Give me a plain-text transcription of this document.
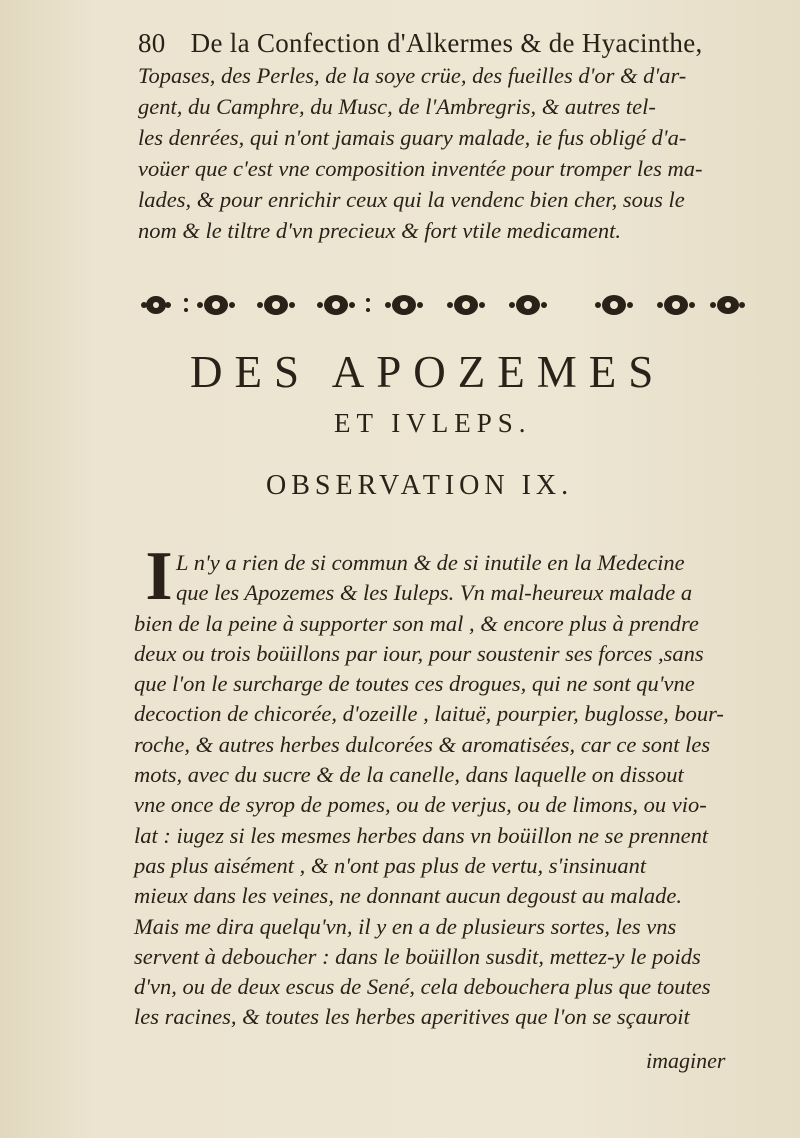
80 De la Confection d'Alkermes & de Hyacinthe,
Topases, des Perles, de la soye crüe, des fueilles d'or & d'ar-
gent, du Camphre, du Musc, de l'Ambregris, & autres tel-
les denrées, qui n'ont jamais guary malade, ie fus obligé d'a-
voüer que c'est vne composition inventée pour tromper les ma-
lades, & pour enrichir ceux qui la vendenc bien cher, sous le
nom & le tiltre d'vn precieux & fort vtile medicament.
DES APOZEMES
ET IVLEPS.
OBSERVATION IX.
I L n'y a rien de si commun & de si inutile en la Medecine
que les Apozemes & les Iuleps. Vn mal-heureux malade a
bien de la peine à supporter son mal , & encore plus à prendre
deux ou trois boüillons par iour, pour soustenir ses forces ,sans
que l'on le surcharge de toutes ces drogues, qui ne sont qu'vne
decoction de chicorée, d'ozeille , laituë, pourpier, buglosse, bour-
roche, & autres herbes dulcorées & aromatisées, car ce sont les
mots, avec du sucre & de la canelle, dans laquelle on dissout
vne once de syrop de pomes, ou de verjus, ou de limons, ou vio-
lat : iugez si les mesmes herbes dans vn boüillon ne se prennent
pas plus aisément , & n'ont pas plus de vertu, s'insinuant
mieux dans les veines, ne donnant aucun degoust au malade.
Mais me dira quelqu'vn, il y en a de plusieurs sortes, les vns
servent à deboucher : dans le boüillon susdit, mettez-y le poids
d'vn, ou de deux escus de Sené, cela debouchera plus que toutes
les racines, & toutes les herbes aperitives que l'on se sçauroit
imaginer
